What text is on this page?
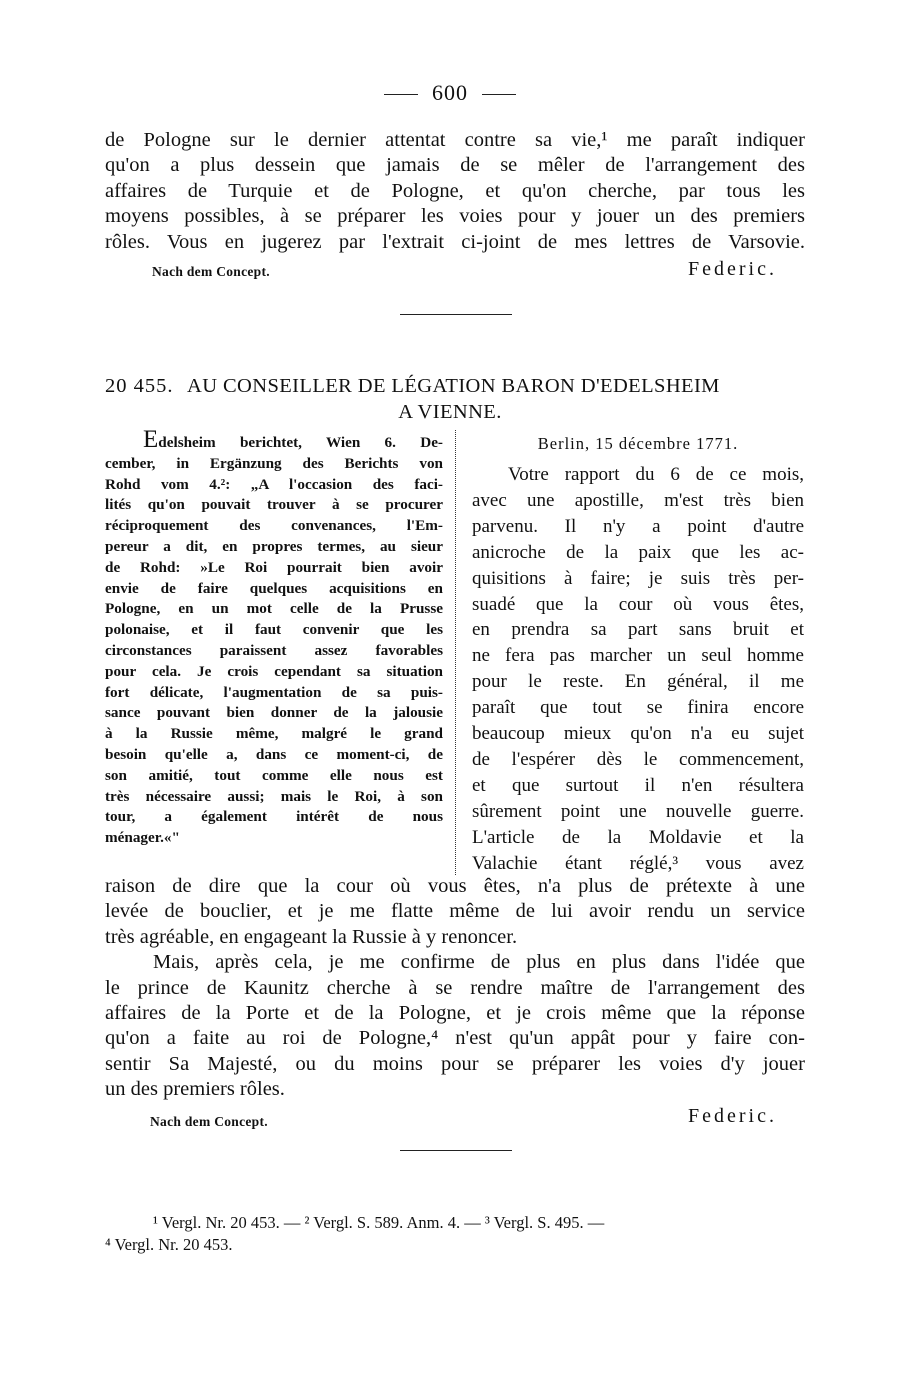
600
de Pologne sur le dernier attentat contre sa vie,¹ me paraît indiquer
qu'on a plus dessein que jamais de se mêler de l'arrangement des
affaires de Turquie et de Pologne, et qu'on cherche, par tous les
moyens possibles, à se préparer les voies pour y jouer un des premiers
rôles. Vous en jugerez par l'extrait ci-joint de mes lettres de Varsovie.
Nach dem Concept.	Federic.
20 455. AU CONSEILLER DE LÉGATION BARON D'EDELSHEIM
A VIENNE.
Edelsheim berichtet, Wien 6. De-
cember, in Ergänzung des Berichts von
Rohd vom 4.²: „A l'occasion des faci-
lités qu'on pouvait trouver à se procurer
réciproquement des convenances, l'Em-
pereur a dit, en propres termes, au sieur
de Rohd: »Le Roi pourrait bien avoir
envie de faire quelques acquisitions en
Pologne, en un mot celle de la Prusse
polonaise, et il faut convenir que les
circonstances paraissent assez favorables
pour cela. Je crois cependant sa situation
fort délicate, l'augmentation de sa puis-
sance pouvant bien donner de la jalousie
à la Russie même, malgré le grand
besoin qu'elle a, dans ce moment-ci, de
son amitié, tout comme elle nous est
très nécessaire aussi; mais le Roi, à son
tour, a également intérêt de nous
ménager.«"
Berlin, 15 décembre 1771.
Votre rapport du 6 de ce mois,
avec une apostille, m'est très bien
parvenu. Il n'y a point d'autre
anicroche de la paix que les ac-
quisitions à faire; je suis très per-
suadé que la cour où vous êtes,
en prendra sa part sans bruit et
ne fera pas marcher un seul homme
pour le reste. En général, il me
paraît que tout se finira encore
beaucoup mieux qu'on n'a eu sujet
de l'espérer dès le commencement,
et que surtout il n'en résultera
sûrement point une nouvelle guerre.
L'article de la Moldavie et la
Valachie étant réglé,³ vous avez
raison de dire que la cour où vous êtes, n'a plus de prétexte à une
levée de bouclier, et je me flatte même de lui avoir rendu un service
très agréable, en engageant la Russie à y renoncer.
Mais, après cela, je me confirme de plus en plus dans l'idée que
le prince de Kaunitz cherche à se rendre maître de l'arrangement des
affaires de la Porte et de la Pologne, et je crois même que la réponse
qu'on a faite au roi de Pologne,⁴ n'est qu'un appât pour y faire con-
sentir Sa Majesté, ou du moins pour se préparer les voies d'y jouer
un des premiers rôles.
Nach dem Concept.	Federic.
¹ Vergl. Nr. 20 453. — ² Vergl. S. 589. Anm. 4. — ³ Vergl. S. 495. —
⁴ Vergl. Nr. 20 453.
